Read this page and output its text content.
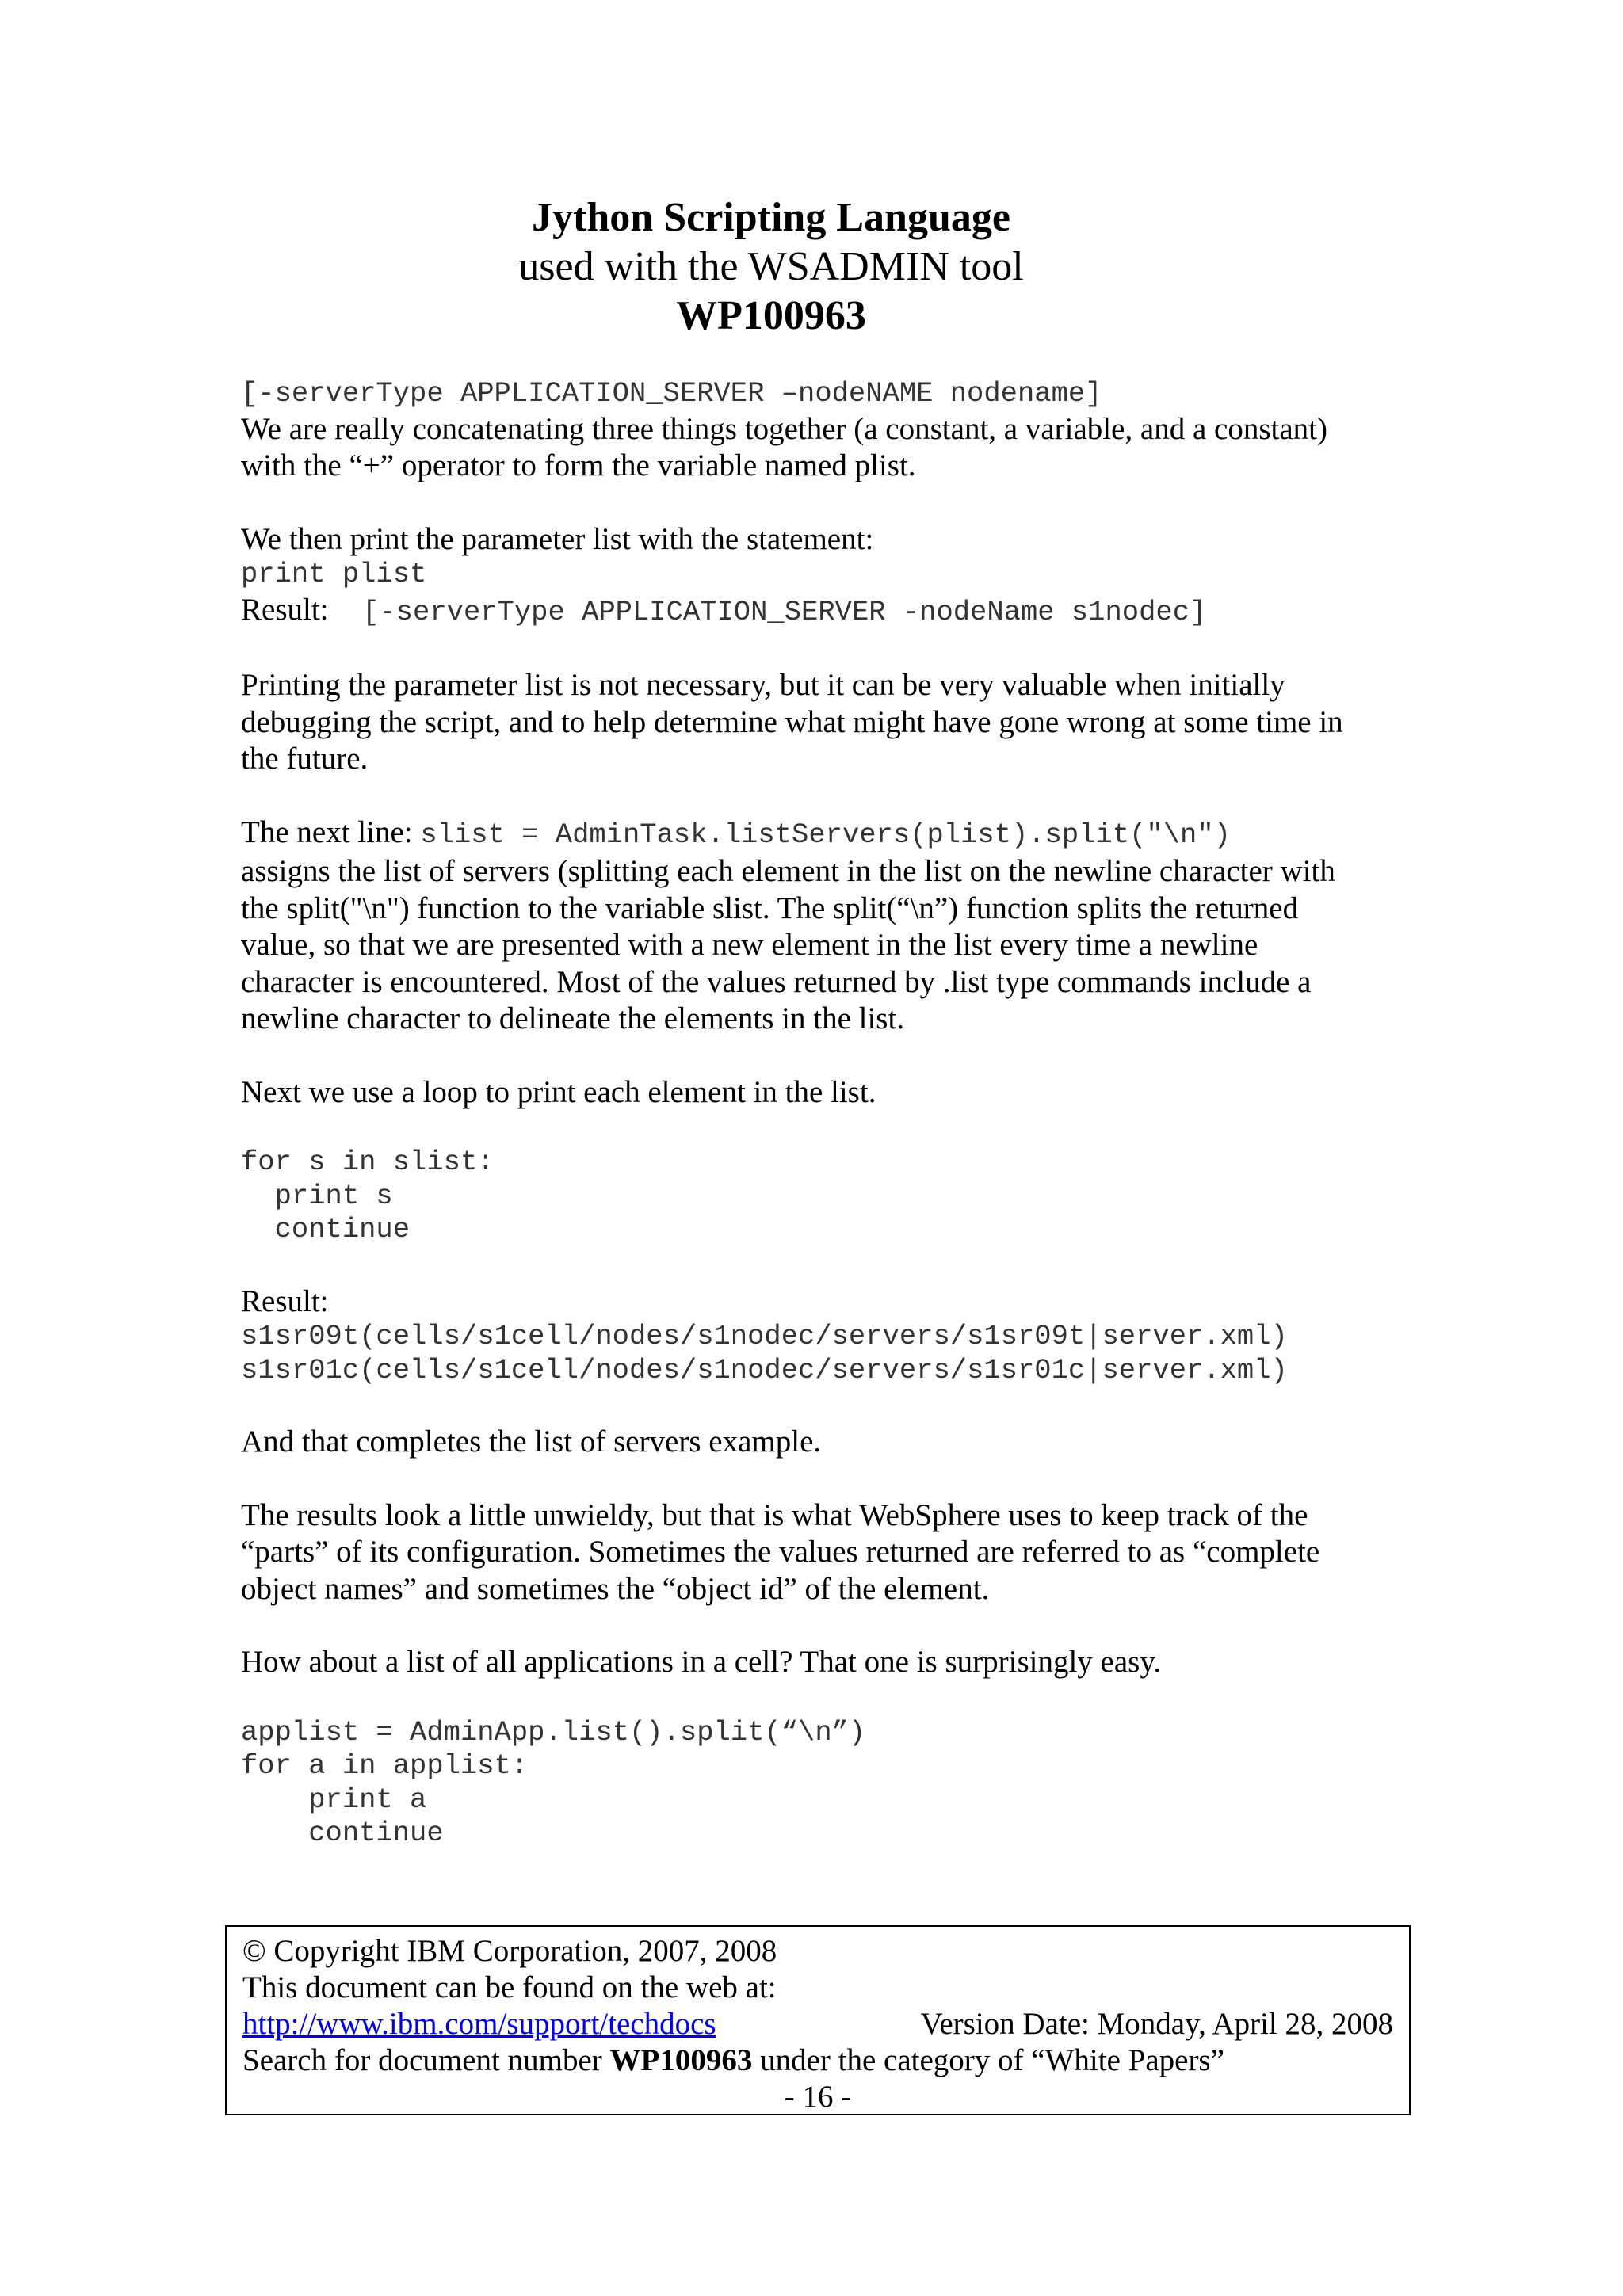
Jython Scripting Language
used with the WSADMIN tool
WP100963
[-serverType APPLICATION_SERVER –nodeNAME nodename]
We are really concatenating three things together (a constant, a variable, and a constant)
with the “+” operator to form the variable named plist.
We then print the parameter list with the statement:
print plist
Result: [-serverType APPLICATION_SERVER -nodeName s1nodec]
Printing the parameter list is not necessary, but it can be very valuable when initially
debugging the script, and to help determine what might have gone wrong at some time in
the future.
The next line: slist = AdminTask.listServers(plist).split("\n")
assigns the list of servers (splitting each element in the list on the newline character with
the split("\n") function to the variable slist. The split(“\n”) function splits the returned
value, so that we are presented with a new element in the list every time a newline
character is encountered. Most of the values returned by .list type commands include a
newline character to delineate the elements in the list.
Next we use a loop to print each element in the list.
for s in slist:
print s
continue
Result:
s1sr09t(cells/s1cell/nodes/s1nodec/servers/s1sr09t|server.xml)
s1sr01c(cells/s1cell/nodes/s1nodec/servers/s1sr01c|server.xml)
And that completes the list of servers example.
The results look a little unwieldy, but that is what WebSphere uses to keep track of the
“parts” of its configuration. Sometimes the values returned are referred to as “complete
object names” and sometimes the “object id” of the element.
How about a list of all applications in a cell? That one is surprisingly easy.
applist = AdminApp.list().split(“\n”)
for a in applist:
print a
continue
© Copyright IBM Corporation, 2007, 2008
This document can be found on the web at:
http://www.ibm.com/support/techdocs	Version Date: Monday, April 28, 2008
Search for document number WP100963 under the category of “White Papers”
- 16 -
